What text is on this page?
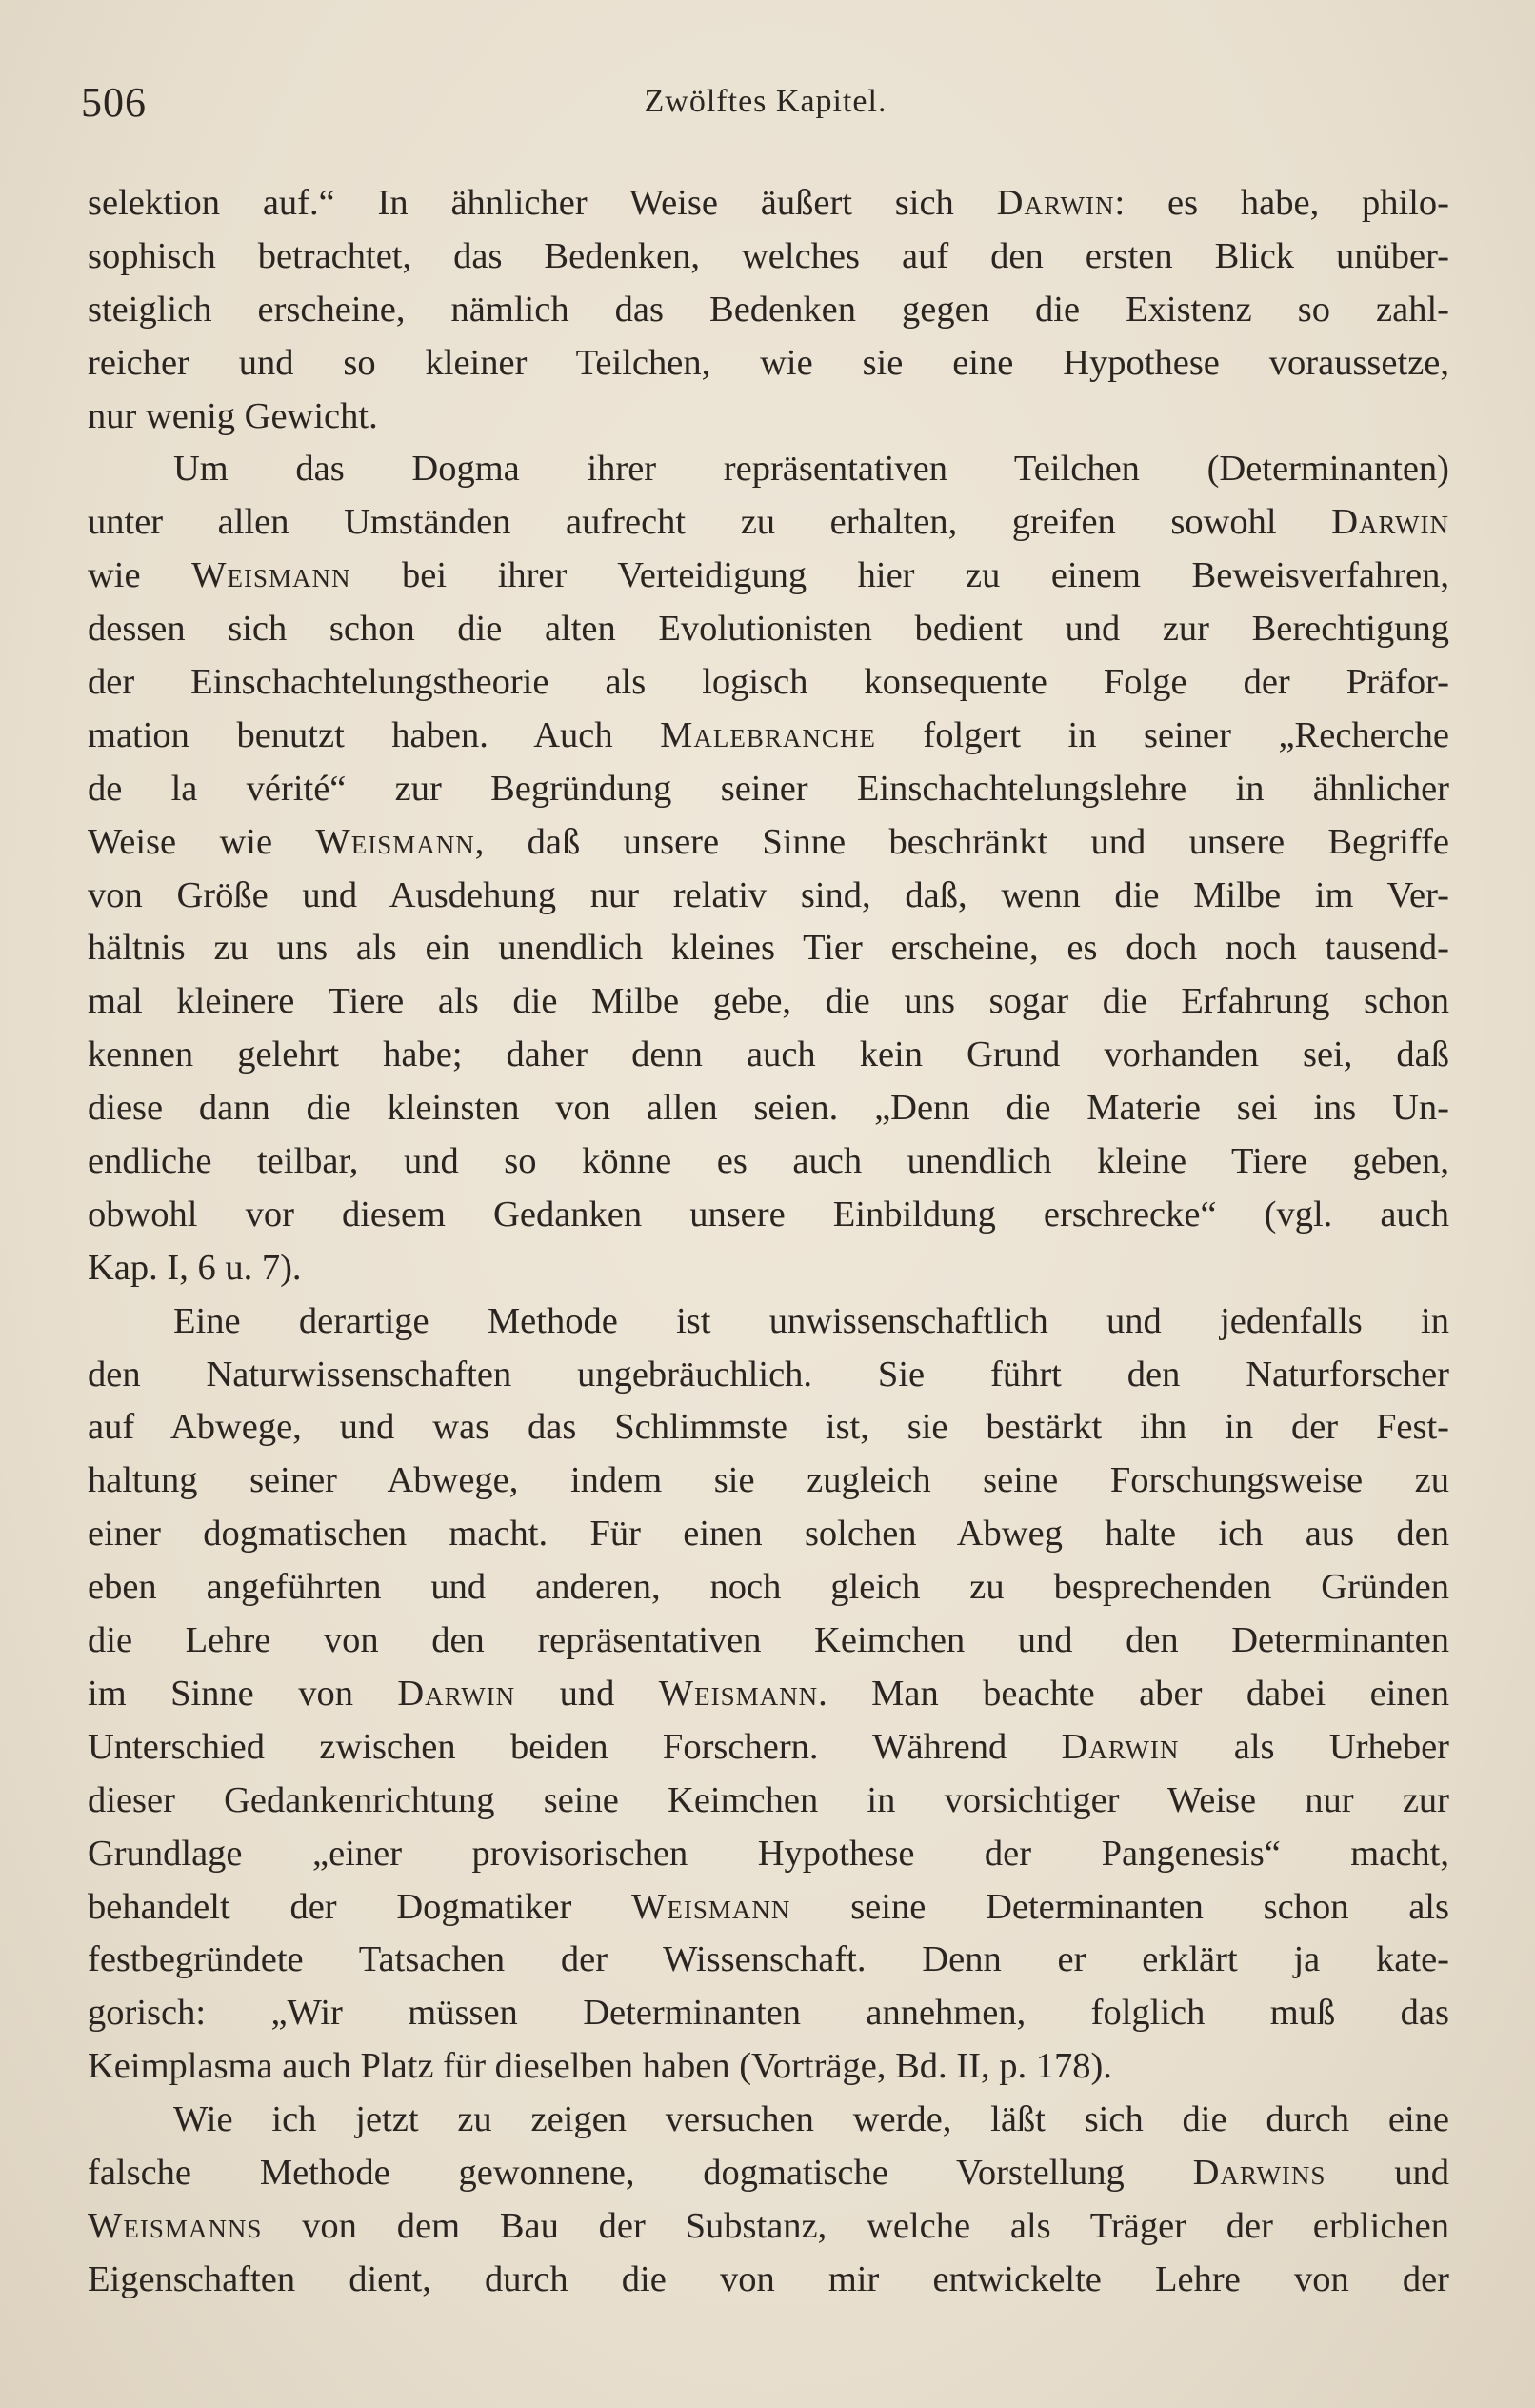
506	Zwölftes Kapitel.
selektion auf.“ In ähnlicher Weise äußert sich Darwin: es habe, philo-
sophisch betrachtet, das Bedenken, welches auf den ersten Blick unüber-
steiglich erscheine, nämlich das Bedenken gegen die Existenz so zahl-
reicher und so kleiner Teilchen, wie sie eine Hypothese voraussetze,
nur wenig Gewicht.
Um das Dogma ihrer repräsentativen Teilchen (Determinanten)
unter allen Umständen aufrecht zu erhalten, greifen sowohl Darwin
wie Weismann bei ihrer Verteidigung hier zu einem Beweisverfahren,
dessen sich schon die alten Evolutionisten bedient und zur Berechtigung
der Einschachtelungstheorie als logisch konsequente Folge der Präfor-
mation benutzt haben. Auch Malebranche folgert in seiner „Recherche
de la vérité“ zur Begründung seiner Einschachtelungslehre in ähnlicher
Weise wie Weismann, daß unsere Sinne beschränkt und unsere Begriffe
von Größe und Ausdehung nur relativ sind, daß, wenn die Milbe im Ver-
hältnis zu uns als ein unendlich kleines Tier erscheine, es doch noch tausend-
mal kleinere Tiere als die Milbe gebe, die uns sogar die Erfahrung schon
kennen gelehrt habe; daher denn auch kein Grund vorhanden sei, daß
diese dann die kleinsten von allen seien. „Denn die Materie sei ins Un-
endliche teilbar, und so könne es auch unendlich kleine Tiere geben,
obwohl vor diesem Gedanken unsere Einbildung erschrecke“ (vgl. auch
Kap. I, 6 u. 7).
Eine derartige Methode ist unwissenschaftlich und jedenfalls in
den Naturwissenschaften ungebräuchlich. Sie führt den Naturforscher
auf Abwege, und was das Schlimmste ist, sie bestärkt ihn in der Fest-
haltung seiner Abwege, indem sie zugleich seine Forschungsweise zu
einer dogmatischen macht. Für einen solchen Abweg halte ich aus den
eben angeführten und anderen, noch gleich zu besprechenden Gründen
die Lehre von den repräsentativen Keimchen und den Determinanten
im Sinne von Darwin und Weismann. Man beachte aber dabei einen
Unterschied zwischen beiden Forschern. Während Darwin als Urheber
dieser Gedankenrichtung seine Keimchen in vorsichtiger Weise nur zur
Grundlage „einer provisorischen Hypothese der Pangenesis“ macht,
behandelt der Dogmatiker Weismann seine Determinanten schon als
festbegründete Tatsachen der Wissenschaft. Denn er erklärt ja kate-
gorisch: „Wir müssen Determinanten annehmen, folglich muß das
Keimplasma auch Platz für dieselben haben (Vorträge, Bd. II, p. 178).
Wie ich jetzt zu zeigen versuchen werde, läßt sich die durch eine
falsche Methode gewonnene, dogmatische Vorstellung Darwins und
Weismanns von dem Bau der Substanz, welche als Träger der erblichen
Eigenschaften dient, durch die von mir entwickelte Lehre von der
